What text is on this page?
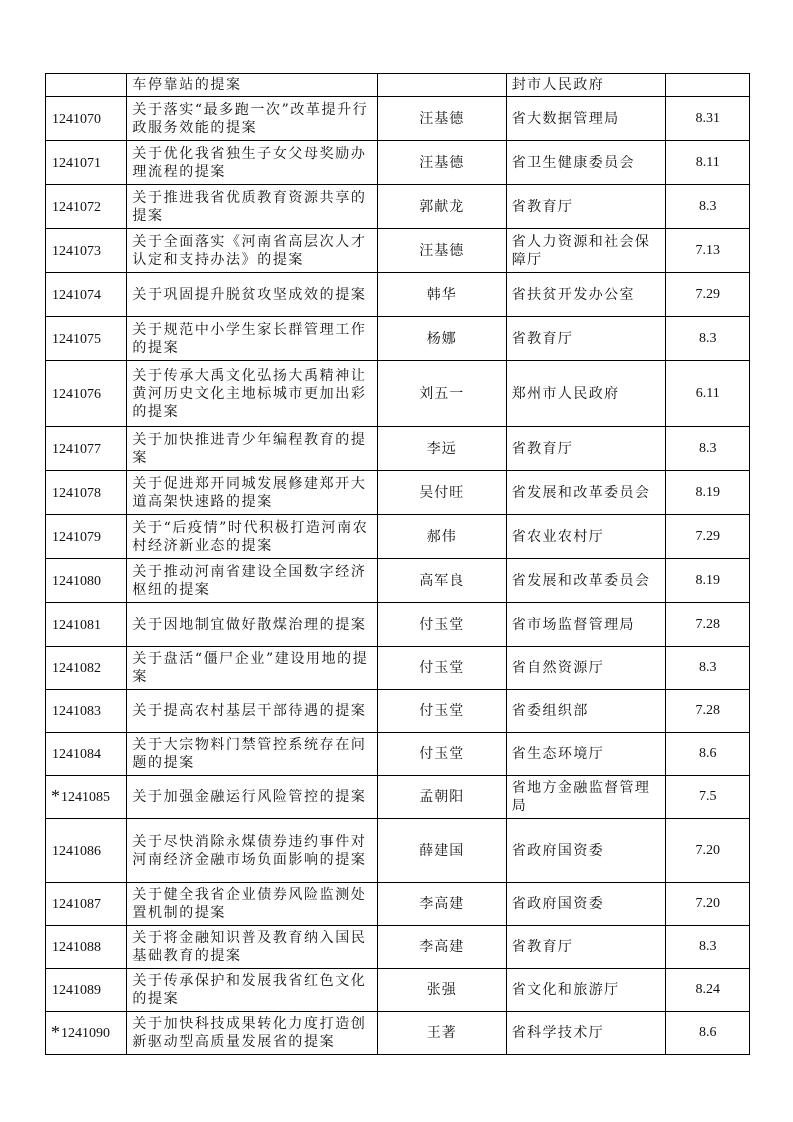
	车停靠站的提案		封市人民政府	
1241070	关于落实“最多跑一次”改革提升行政服务效能的提案	汪基德	省大数据管理局	8.31
1241071	关于优化我省独生子女父母奖励办理流程的提案	汪基德	省卫生健康委员会	8.11
1241072	关于推进我省优质教育资源共享的提案	郭献龙	省教育厅	8.3
1241073	关于全面落实《河南省高层次人才认定和支持办法》的提案	汪基德	省人力资源和社会保障厅	7.13
1241074	关于巩固提升脱贫攻坚成效的提案	韩华	省扶贫开发办公室	7.29
1241075	关于规范中小学生家长群管理工作的提案	杨娜	省教育厅	8.3
1241076	关于传承大禹文化弘扬大禹精神让黄河历史文化主地标城市更加出彩的提案	刘五一	郑州市人民政府	6.11
1241077	关于加快推进青少年编程教育的提案	李远	省教育厅	8.3
1241078	关于促进郑开同城发展修建郑开大道高架快速路的提案	吴付旺	省发展和改革委员会	8.19
1241079	关于“后疫情”时代积极打造河南农村经济新业态的提案	郝伟	省农业农村厅	7.29
1241080	关于推动河南省建设全国数字经济枢纽的提案	高军良	省发展和改革委员会	8.19
1241081	关于因地制宜做好散煤治理的提案	付玉堂	省市场监督管理局	7.28
1241082	关于盘活“僵尸企业”建设用地的提案	付玉堂	省自然资源厅	8.3
1241083	关于提高农村基层干部待遇的提案	付玉堂	省委组织部	7.28
1241084	关于大宗物料门禁管控系统存在问题的提案	付玉堂	省生态环境厅	8.6
*1241085	关于加强金融运行风险管控的提案	孟朝阳	省地方金融监督管理局	7.5
1241086	关于尽快消除永煤债券违约事件对河南经济金融市场负面影响的提案	薛建国	省政府国资委	7.20
1241087	关于健全我省企业债券风险监测处置机制的提案	李高建	省政府国资委	7.20
1241088	关于将金融知识普及教育纳入国民基础教育的提案	李高建	省教育厅	8.3
1241089	关于传承保护和发展我省红色文化的提案	张强	省文化和旅游厅	8.24
*1241090	关于加快科技成果转化力度打造创新驱动型高质量发展省的提案	王著	省科学技术厅	8.6
